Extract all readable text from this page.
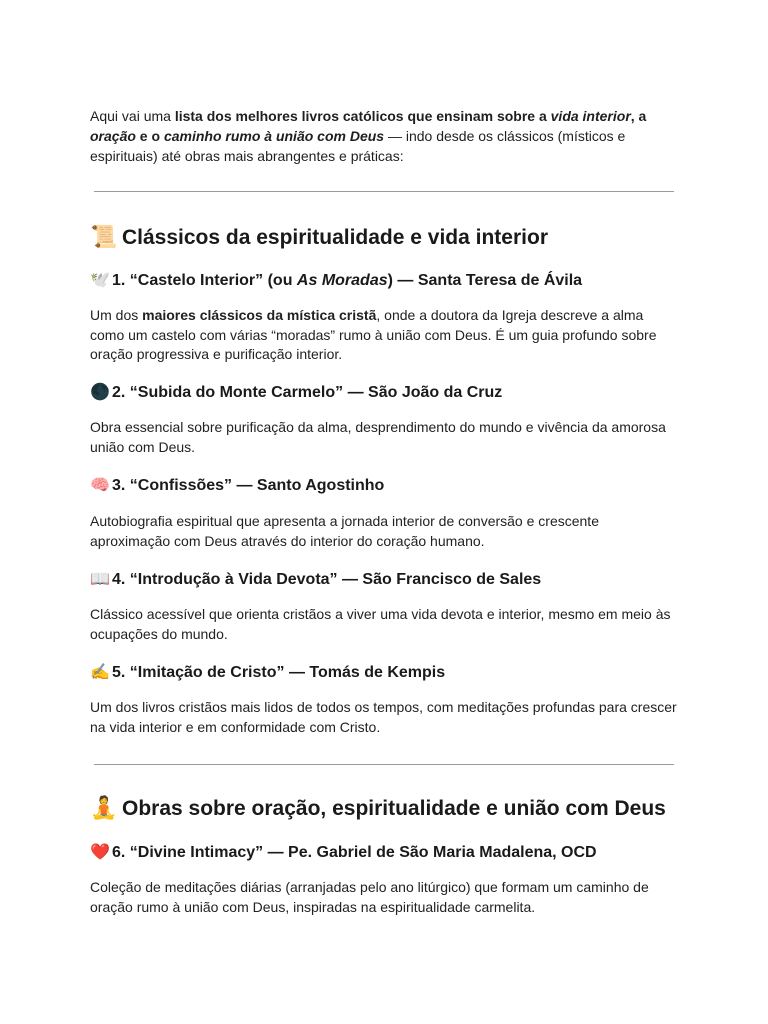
Aqui vai uma lista dos melhores livros católicos que ensinam sobre a vida interior, a oração e o caminho rumo à união com Deus — indo desde os clássicos (místicos e espirituais) até obras mais abrangentes e práticas:

📜 Clássicos da espiritualidade e vida interior
🕊️ 1. “Castelo Interior” (ou As Moradas) — Santa Teresa de Ávila

Um dos maiores clássicos da mística cristã, onde a doutora da Igreja descreve a alma como um castelo com várias “moradas” rumo à união com Deus. É um guia profundo sobre oração progressiva e purificação interior.

🌑 2. “Subida do Monte Carmelo” — São João da Cruz

Obra essencial sobre purificação da alma, desprendimento do mundo e vivência da amorosa união com Deus.

🧠 3. “Confissões” — Santo Agostinho

Autobiografia espiritual que apresenta a jornada interior de conversão e crescente aproximação com Deus através do interior do coração humano.

📖 4. “Introdução à Vida Devota” — São Francisco de Sales

Clássico acessível que orienta cristãos a viver uma vida devota e interior, mesmo em meio às ocupações do mundo.

✍️ 5. “Imitação de Cristo” — Tomás de Kempis

Um dos livros cristãos mais lidos de todos os tempos, com meditações profundas para crescer na vida interior e em conformidade com Cristo.

🧘 Obras sobre oração, espiritualidade e união com Deus
❤️ 6. “Divine Intimacy” — Pe. Gabriel de São Maria Madalena, OCD

Coleção de meditações diárias (arranjadas pelo ano litúrgico) que formam um caminho de oração rumo à união com Deus, inspiradas na espiritualidade carmelita.
